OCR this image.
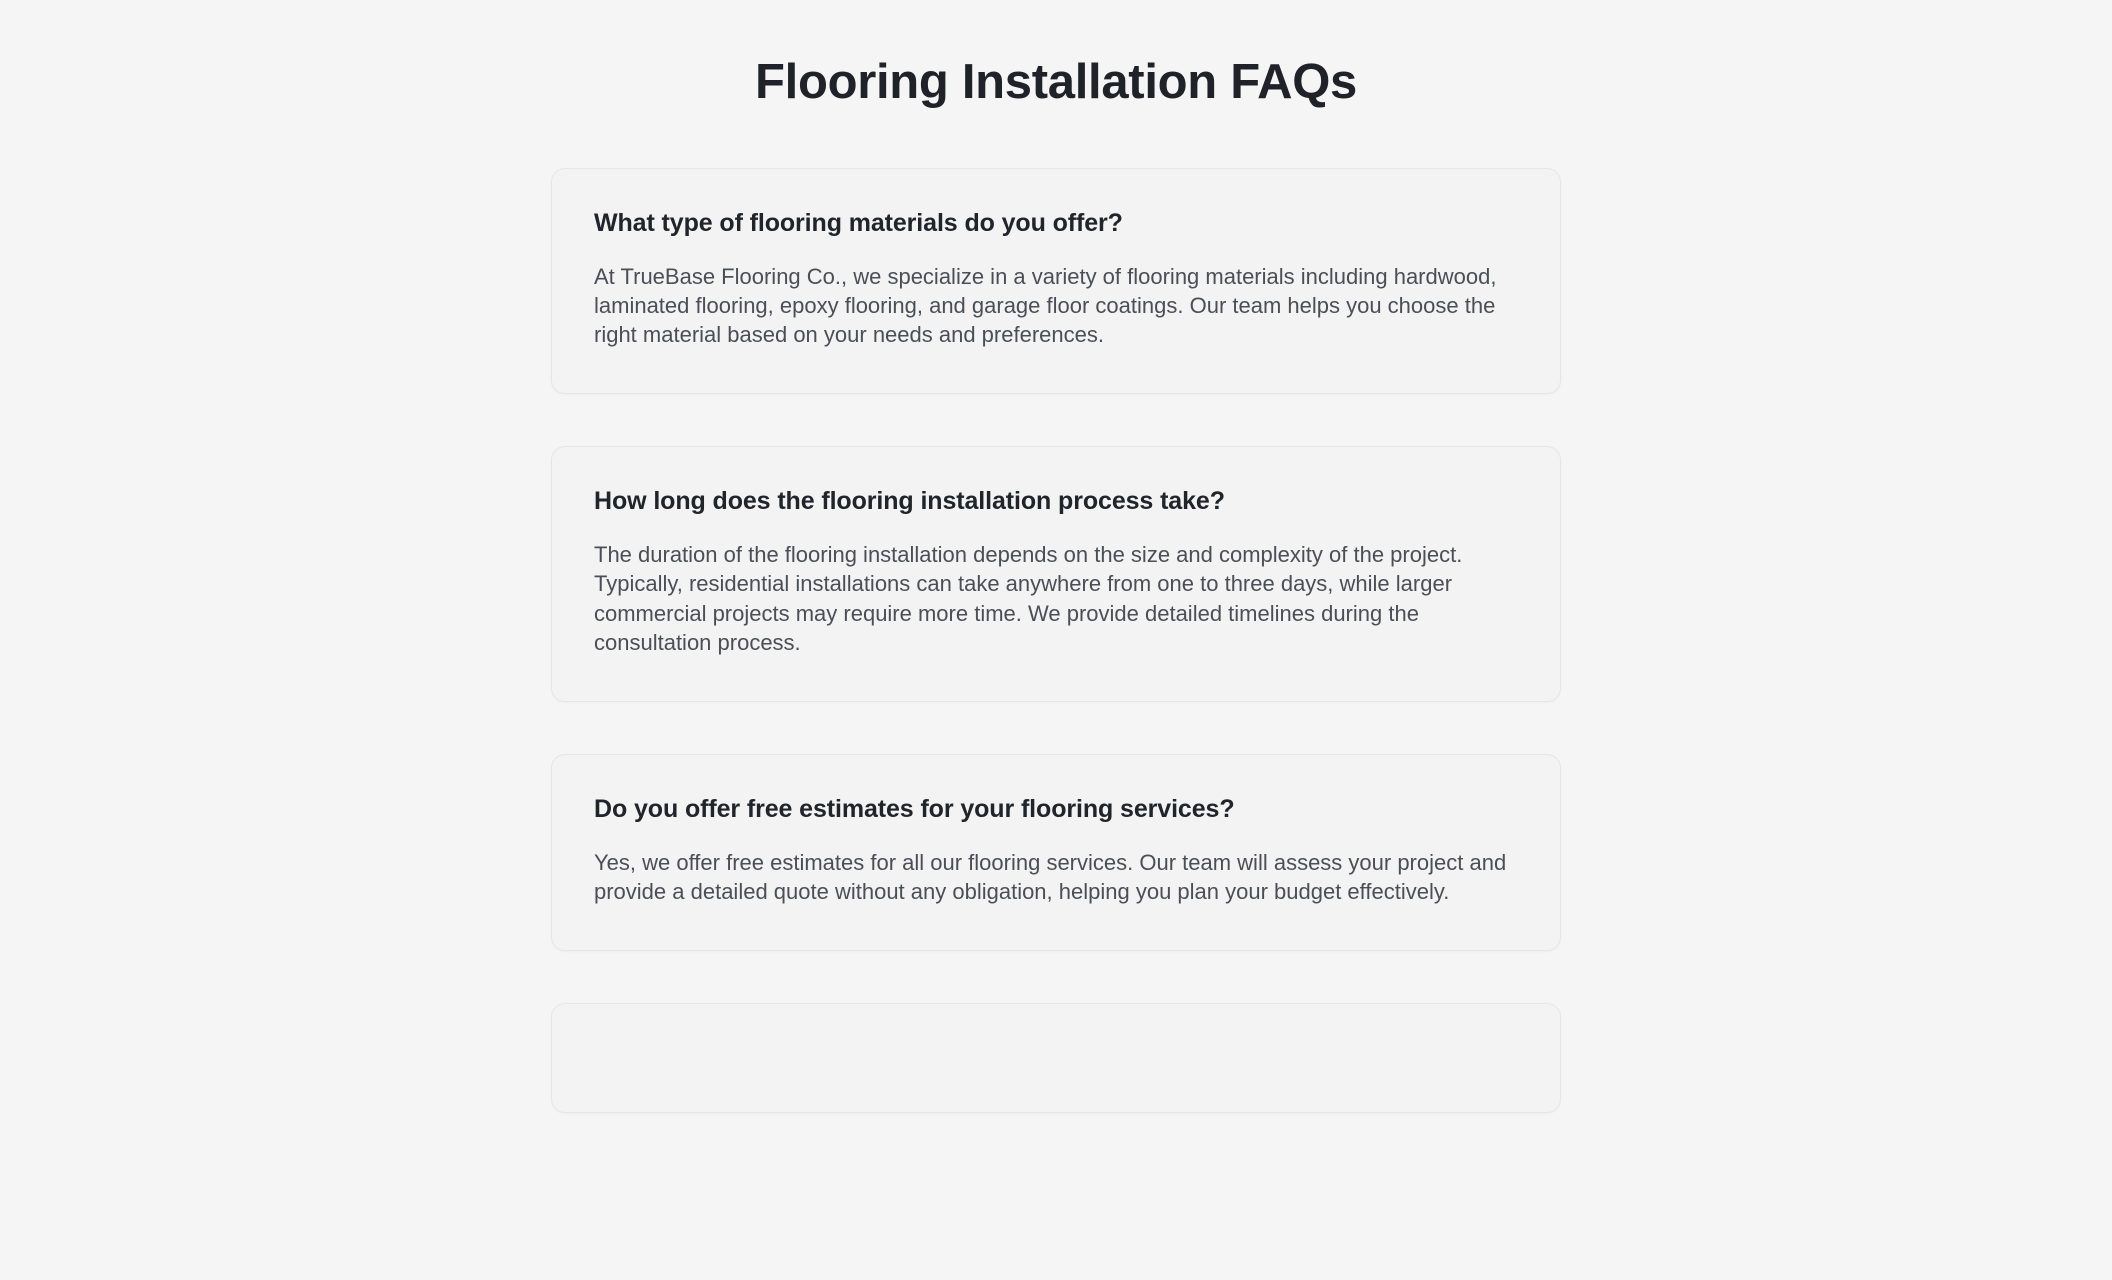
Flooring Installation FAQs
What type of flooring materials do you offer?

At TrueBase Flooring Co., we specialize in a variety of flooring materials including hardwood, laminated flooring, epoxy flooring, and garage floor coatings. Our team helps you choose the right material based on your needs and preferences.

How long does the flooring installation process take?

The duration of the flooring installation depends on the size and complexity of the project. Typically, residential installations can take anywhere from one to three days, while larger commercial projects may require more time. We provide detailed timelines during the consultation process.

Do you offer free estimates for your flooring services?

Yes, we offer free estimates for all our flooring services. Our team will assess your project and provide a detailed quote without any obligation, helping you plan your budget effectively.
